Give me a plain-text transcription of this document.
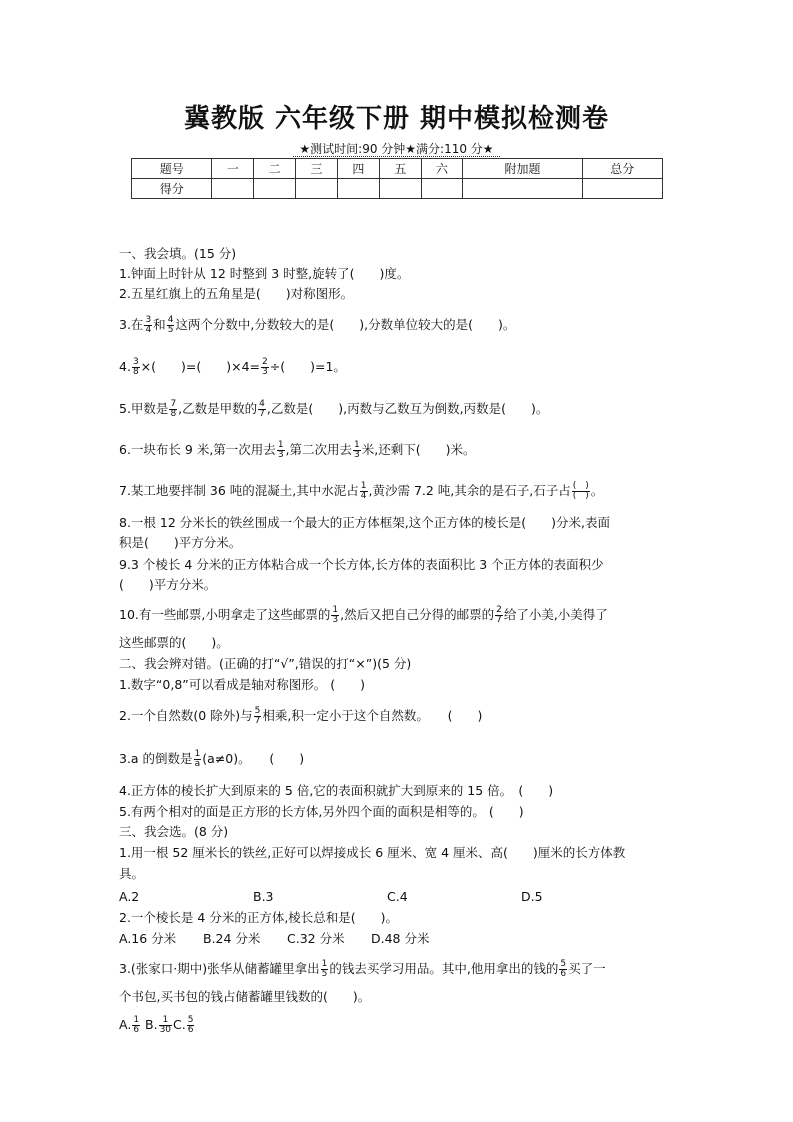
冀教版 六年级下册 期中模拟检测卷
★测试时间:90 分钟★满分:110 分★
题号	一	二	三	四	五	六	附加题	总分
得分								
一、我会填。(15 分)
1.钟面上时针从 12 时整到 3 时整,旋转了(　　)度。
2.五星红旗上的五角星是(　　)对称图形。
3.在 $\frac{3}{4}$ 和 $\frac{4}{5}$ 这两个分数中,分数较大的是(　　),分数单位较大的是(　　)。
4. $\frac{3}{8}$ ×(　　)=(　　)$\times 4= \frac{2}{3}$ ÷(　　)=1。
5.甲数是 $\frac{7}{8}$ ,乙数是甲数的 $\frac{4}{7}$ ,乙数是(　　),丙数与乙数互为倒数,丙数是(　　)。
6.一块布长 9 米,第一次用去 $\frac{1}{3}$ ,第二次用去 $\frac{1}{3}$ 米,还剩下(　　)米。
7.某工地要拌制 36 吨的混凝土,其中水泥占 $\frac{1}{4}$ ,黄沙需 7.2 吨,其余的是石子,石子占 $\frac{( )}{( )}$ 。
8.一根 12 分米长的铁丝围成一个最大的正方体框架,这个正方体的棱长是(　　)分米,表面
积是(　　)平方分米。
9.3 个棱长 4 分米的正方体粘合成一个长方体,长方体的表面积比 3 个正方体的表面积少
(　　)平方分米。
10.有一些邮票,小明拿走了这些邮票的 $\frac{1}{3}$ ,然后又把自己分得的邮票的 $\frac{2}{7}$ 给了小美,小美得了
这些邮票的(　　)。
二、我会辨对错。(正确的打“√”,错误的打“×”)(5 分)
1.数字“0,8”可以看成是轴对称图形。 (　　)
2.一个自然数(0 除外)与 $\frac{5}{7}$ 相乘,积一定小于这个自然数。　　(　　)
3.a 的倒数是 $\frac{1}{a} (a\ne 0)$。　　(　　)
4.正方体的棱长扩大到原来的 5 倍,它的表面积就扩大到原来的 15 倍。　(　　)
5.有两个相对的面是正方形的长方体,另外四个面的面积是相等的。 (　　)
三、我会选。(8 分)
1.用一根 52 厘米长的铁丝,正好可以焊接成长 6 厘米、宽 4 厘米、高(　　)厘米的长方体教
具。
A.2	B.3	C.4	D.5
2.一个棱长是 4 分米的正方体,棱长总和是(　　)。
A.16 分米 B.24 分米 C.32 分米 D.48 分米
3.(张家口·期中)张华从储蓄罐里拿出 $\frac{1}{5}$ 的钱去买学习用品。其中,他用拿出的钱的 $\frac{5}{6}$ 买了一
个书包,买书包的钱占储蓄罐里钱数的(　　)。
A. $\frac{1}{6} B$. $\frac{1}{30} C$. $\frac{5}{6}$
